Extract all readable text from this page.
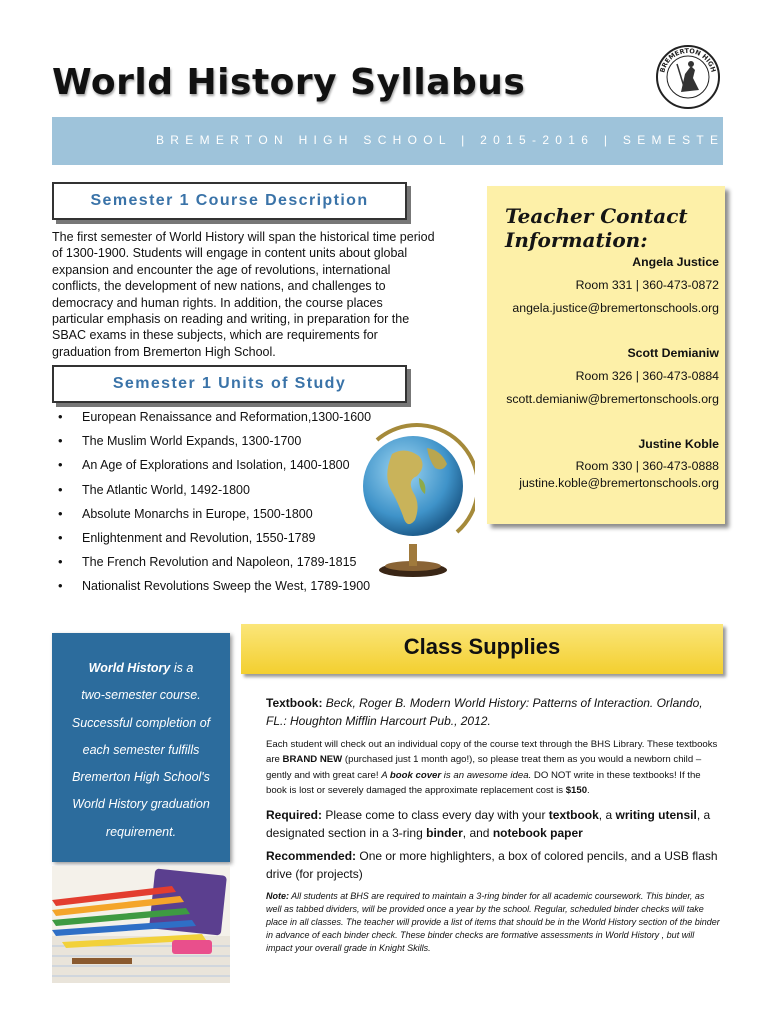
World History Syllabus	BREMERTON HIGH
BREMERTON HIGH SCHOOL | 2015-2016 | SEMESTER 1
Semester 1 Course Description
The first semester of World History will span the historical time period of 1300-1900. Students will engage in content units about global expansion and encounter the age of revolutions, international conflicts, the development of new nations, and challenges to democracy and human rights. In addition, the course places particular emphasis on reading and writing, in preparation for the SBAC exams in these subjects, which are requirements for graduation from Bremerton High School.
Semester 1 Units of Study
• European Renaissance and Reformation,1300-1600
• The Muslim World Expands, 1300-1700
• An Age of Explorations and Isolation, 1400-1800
• The Atlantic World, 1492-1800
• Absolute Monarchs in Europe, 1500-1800
• Enlightenment and Revolution, 1550-1789
• The French Revolution and Napoleon, 1789-1815
• Nationalist Revolutions Sweep the West, 1789-1900
Teacher Contact Information:
Angela Justice
Room 331 | 360-473-0872
angela.justice@bremertonschools.org
Scott Demianiw
Room 326 | 360-473-0884
scott.demianiw@bremertonschools.org
Justine Koble
Room 330 | 360-473-0888
justine.koble@bremertonschools.org
World History is a
two-semester course.
Successful completion of
each semester fulfills
Bremerton High School's
World History graduation
requirement.
Class Supplies
Textbook: Beck, Roger B. Modern World History: Patterns of Interaction. Orlando, FL.: Houghton Mifflin Harcourt Pub., 2012.
Each student will check out an individual copy of the course text through the BHS Library. These textbooks are BRAND NEW (purchased just 1 month ago!), so please treat them as you would a newborn child – gently and with great care! A book cover is an awesome idea. DO NOT write in these textbooks! If the book is lost or severely damaged the approximate replacement cost is $150.
Required: Please come to class every day with your textbook, a writing utensil, a designated section in a 3-ring binder, and notebook paper
Recommended: One or more highlighters, a box of colored pencils, and a USB flash drive (for projects)
Note: All students at BHS are required to maintain a 3-ring binder for all academic coursework. This binder, as well as tabbed dividers, will be provided once a year by the school. Regular, scheduled binder checks will take place in all classes. The teacher will provide a list of items that should be in the World History section of the binder in advance of each binder check. These binder checks are formative assessments in World History , but will impact your overall grade in Knight Skills.
